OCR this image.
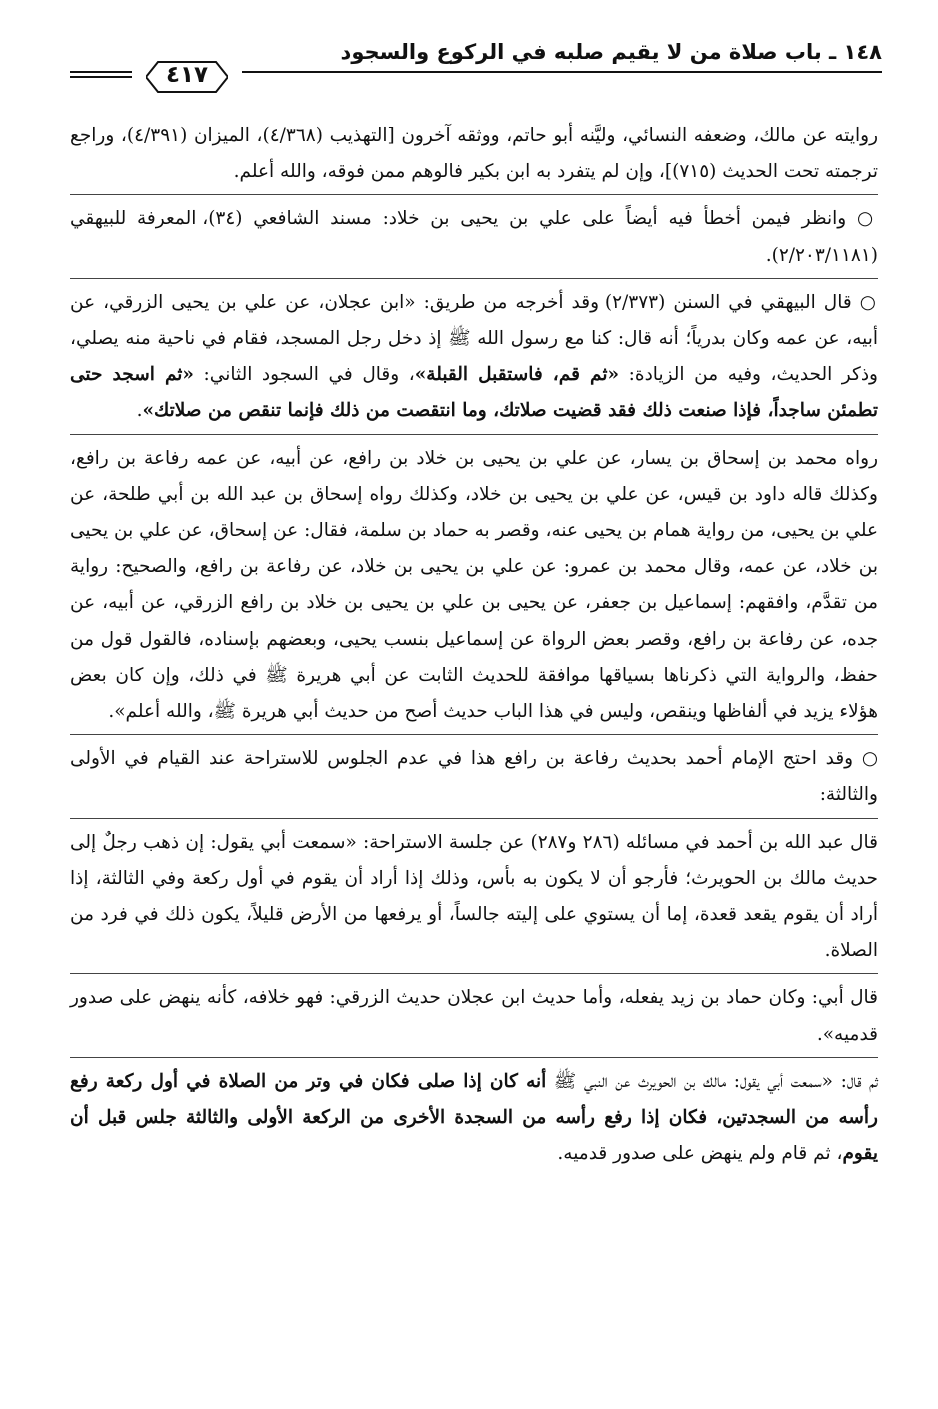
١٤٨ ـ باب صلاة من لا يقيم صلبه في الركوع والسجود
٤١٧

روايته عن مالك، وضعفه النسائي، وليَّنه أبو حاتم، ووثقه آخرون [التهذيب (٤/٣٦٨)، الميزان (٤/٣٩١)، وراجع ترجمته تحت الحديث (٧١٥)]، وإن لم يتفرد به ابن بكير فالوهم ممن فوقه، والله أعلم.

○ وانظر فيمن أخطأ فيه أيضاً على علي بن يحيى بن خلاد: مسند الشافعي (٣٤)، المعرفة للبيهقي (٢/٢٠٣/١١٨١).

○ قال البيهقي في السنن (٢/٣٧٣) وقد أخرجه من طريق: «ابن عجلان، عن علي بن يحيى الزرقي، عن أبيه، عن عمه وكان بدرياً؛ أنه قال: كنا مع رسول الله ﷺ إذ دخل رجل المسجد، فقام في ناحية منه يصلي، وذكر الحديث، وفيه من الزيادة: «ثم قم، فاستقبل القبلة»، وقال في السجود الثاني: «ثم اسجد حتى تطمئن ساجداً، فإذا صنعت ذلك فقد قضيت صلاتك، وما انتقصت من ذلك فإنما تنقص من صلاتك».

رواه محمد بن إسحاق بن يسار، عن علي بن يحيى بن خلاد بن رافع، عن أبيه، عن عمه رفاعة بن رافع، وكذلك قاله داود بن قيس، عن علي بن يحيى بن خلاد، وكذلك رواه إسحاق بن عبد الله بن أبي طلحة، عن علي بن يحيى، من رواية همام بن يحيى عنه، وقصر به حماد بن سلمة، فقال: عن إسحاق، عن علي بن يحيى بن خلاد، عن عمه، وقال محمد بن عمرو: عن علي بن يحيى بن خلاد، عن رفاعة بن رافع، والصحيح: رواية من تقدَّم، وافقهم: إسماعيل بن جعفر، عن يحيى بن علي بن يحيى بن خلاد بن رافع الزرقي، عن أبيه، عن جده، عن رفاعة بن رافع، وقصر بعض الرواة عن إسماعيل بنسب يحيى، وبعضهم بإسناده، فالقول قول من حفظ، والرواية التي ذكرناها بسياقها موافقة للحديث الثابت عن أبي هريرة ﷺ في ذلك، وإن كان بعض هؤلاء يزيد في ألفاظها وينقص، وليس في هذا الباب حديث أصح من حديث أبي هريرة ﷺ، والله أعلم».

○ وقد احتج الإمام أحمد بحديث رفاعة بن رافع هذا في عدم الجلوس للاستراحة عند القيام في الأولى والثالثة:

قال عبد الله بن أحمد في مسائله (٢٨٦ و٢٨٧) عن جلسة الاستراحة: «سمعت أبي يقول: إن ذهب رجلٌ إلى حديث مالك بن الحويرث؛ فأرجو أن لا يكون به بأس، وذلك إذا أراد أن يقوم في أول ركعة وفي الثالثة، إذا أراد أن يقوم يقعد قعدة، إما أن يستوي على إليته جالساً، أو يرفعها من الأرض قليلاً، يكون ذلك في فرد من الصلاة.

قال أبي: وكان حماد بن زيد يفعله، وأما حديث ابن عجلان حديث الزرقي: فهو خلافه، كأنه ينهض على صدور قدميه».

ثم قال: «سمعت أبي يقول: مالك بن الحويرث عن النبي ﷺ أنه كان إذا صلى فكان في وتر من الصلاة في أول ركعة رفع رأسه من السجدتين، فكان إذا رفع رأسه من السجدة الأخرى من الركعة الأولى والثالثة جلس قبل أن يقوم، ثم قام ولم ينهض على صدور قدميه.
